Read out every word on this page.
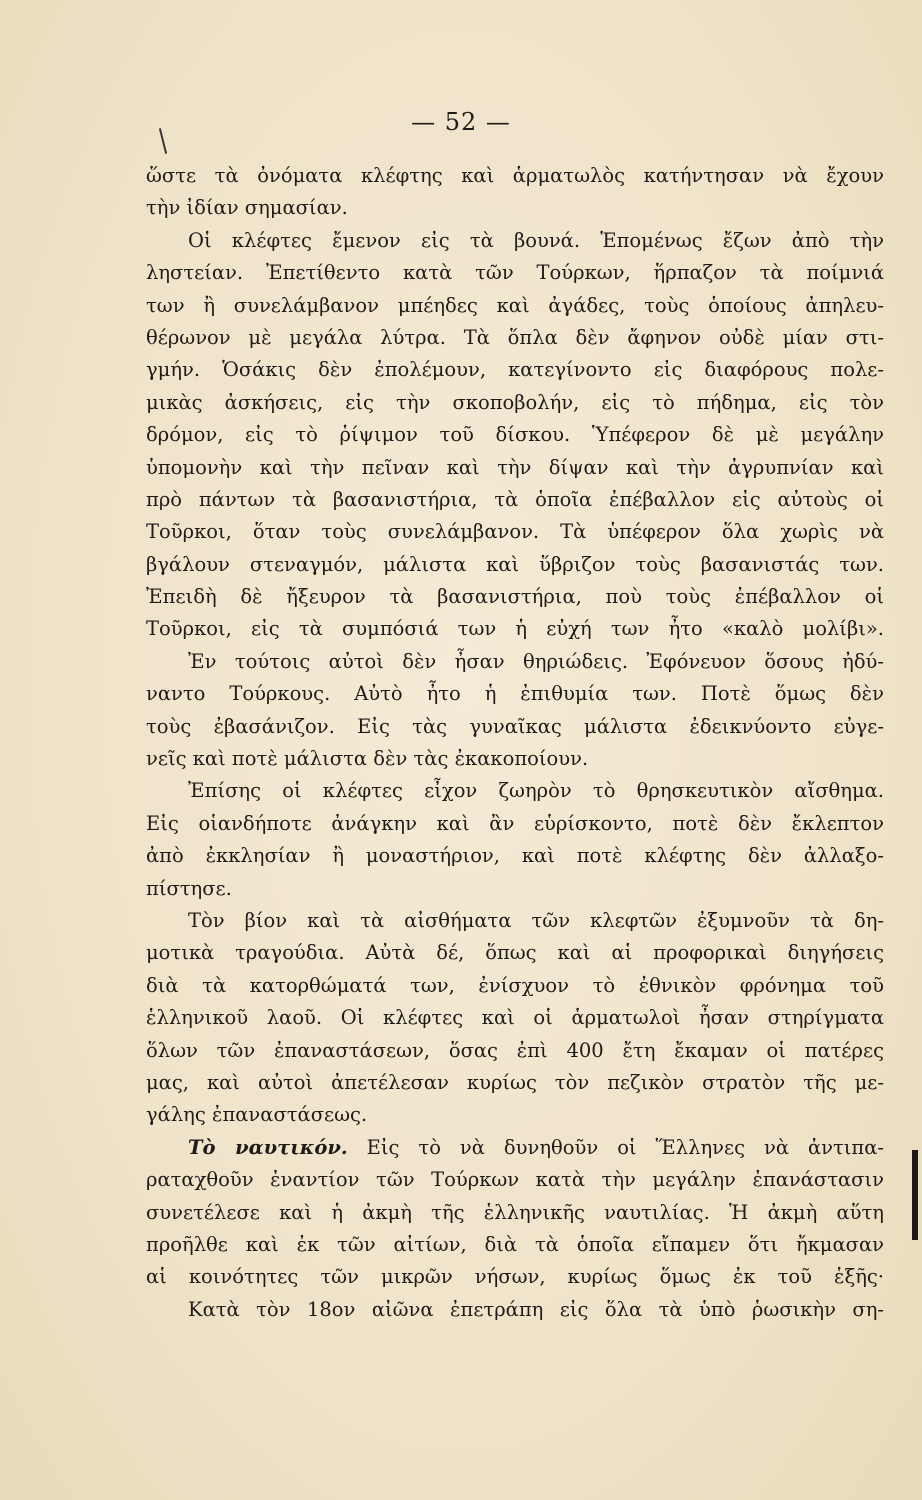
— 52 —
ὥστε τὰ ὀνόματα κλέφτης καὶ ἁρματωλὸς κατήντησαν νὰ ἔχουν
τὴν ἰδίαν σημασίαν.
Οἱ κλέφτες ἔμενον εἰς τὰ βουνά. Ἑπομένως ἔζων ἀπὸ τὴν
ληστείαν. Ἐπετίθεντο κατὰ τῶν Τούρκων, ἥρπαζον τὰ ποίμνιά
των ἢ συνελάμβανον μπέηδες καὶ ἀγάδες, τοὺς ὁποίους ἀπηλευ-
θέρωνον μὲ μεγάλα λύτρα. Τὰ ὅπλα δὲν ἄφηνον οὐδὲ μίαν στι-
γμήν. Ὁσάκις δὲν ἐπολέμουν, κατεγίνοντο εἰς διαφόρους πολε-
μικὰς ἀσκήσεις, εἰς τὴν σκοποβολήν, εἰς τὸ πήδημα, εἰς τὸν
δρόμον, εἰς τὸ ῥίψιμον τοῦ δίσκου. Ὑπέφερον δὲ μὲ μεγάλην
ὑπομονὴν καὶ τὴν πεῖναν καὶ τὴν δίψαν καὶ τὴν ἀγρυπνίαν καὶ
πρὸ πάντων τὰ βασανιστήρια, τὰ ὁποῖα ἐπέβαλλον εἰς αὐτοὺς οἱ
Τοῦρκοι, ὅταν τοὺς συνελάμβανον. Τὰ ὑπέφερον ὅλα χωρὶς νὰ
βγάλουν στεναγμόν, μάλιστα καὶ ὕβριζον τοὺς βασανιστάς των.
Ἐπειδὴ δὲ ἤξευρον τὰ βασανιστήρια, ποὺ τοὺς ἐπέβαλλον οἱ
Τοῦρκοι, εἰς τὰ συμπόσιά των ἡ εὐχή των ἦτο «καλὸ μολίβι».
Ἐν τούτοις αὐτοὶ δὲν ἦσαν θηριώδεις. Ἐφόνευον ὅσους ἠδύ-
ναντο Τούρκους. Αὐτὸ ἦτο ἡ ἐπιθυμία των. Ποτὲ ὅμως δὲν
τοὺς ἐβασάνιζον. Εἰς τὰς γυναῖκας μάλιστα ἐδεικνύοντο εὐγε-
νεῖς καὶ ποτὲ μάλιστα δὲν τὰς ἐκακοποίουν.
Ἐπίσης οἱ κλέφτες εἶχον ζωηρὸν τὸ θρησκευτικὸν αἴσθημα.
Εἰς οἱανδήποτε ἀνάγκην καὶ ἂν εὑρίσκοντο, ποτὲ δὲν ἔκλεπτον
ἀπὸ ἐκκλησίαν ἢ μοναστήριον, καὶ ποτὲ κλέφτης δὲν ἀλλαξο-
πίστησε.
Τὸν βίον καὶ τὰ αἰσθήματα τῶν κλεφτῶν ἐξυμνοῦν τὰ δη-
μοτικὰ τραγούδια. Αὐτὰ δέ, ὅπως καὶ αἱ προφορικαὶ διηγήσεις
διὰ τὰ κατορθώματά των, ἐνίσχυον τὸ ἐθνικὸν φρόνημα τοῦ
ἑλληνικοῦ λαοῦ. Οἱ κλέφτες καὶ οἱ ἁρματωλοὶ ἦσαν στηρίγματα
ὅλων τῶν ἐπαναστάσεων, ὅσας ἐπὶ 400 ἔτη ἔκαμαν οἱ πατέρες
μας, καὶ αὐτοὶ ἀπετέλεσαν κυρίως τὸν πεζικὸν στρατὸν τῆς με-
γάλης ἐπαναστάσεως.
Τὸ ναυτικόν. Εἰς τὸ νὰ δυνηθοῦν οἱ Ἕλληνες νὰ ἀντιπα-
ραταχθοῦν ἐναντίον τῶν Τούρκων κατὰ τὴν μεγάλην ἐπανάστασιν
συνετέλεσε καὶ ἡ ἀκμὴ τῆς ἑλληνικῆς ναυτιλίας. Ἡ ἀκμὴ αὕτη
προῆλθε καὶ ἐκ τῶν αἰτίων, διὰ τὰ ὁποῖα εἴπαμεν ὅτι ἤκμασαν
αἱ κοινότητες τῶν μικρῶν νήσων, κυρίως ὅμως ἐκ τοῦ ἑξῆς·
Κατὰ τὸν 18ον αἰῶνα ἐπετράπη εἰς ὅλα τὰ ὑπὸ ῥωσικὴν ση-
